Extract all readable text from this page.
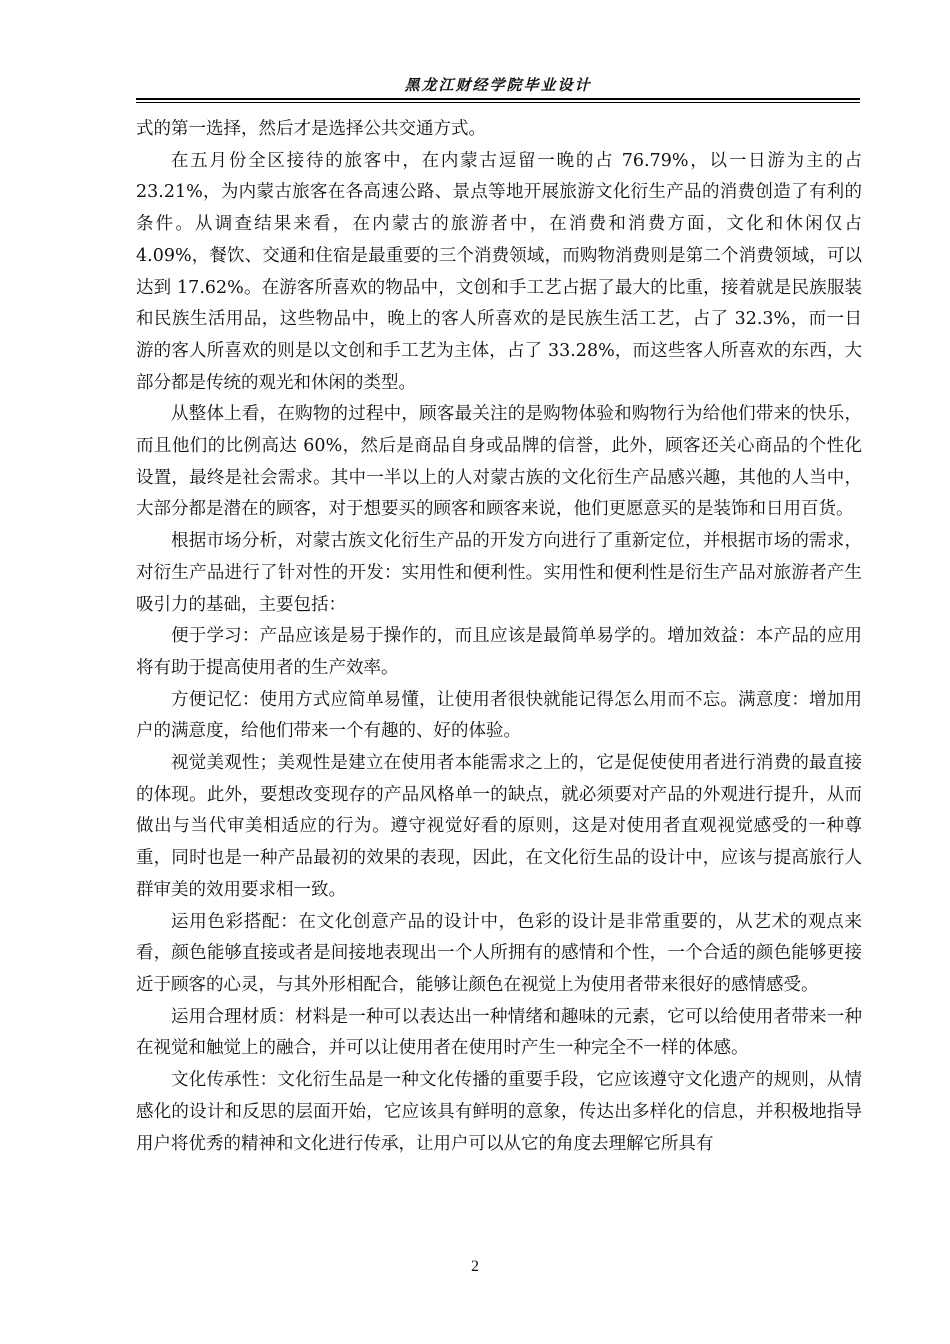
黑龙江财经学院毕业设计

式的第一选择，然后才是选择公共交通方式。

在五月份全区接待的旅客中，在内蒙古逗留一晚的占 76.79%，以一日游为主的占 23.21%，为内蒙古旅客在各高速公路、景点等地开展旅游文化衍生产品的消费创造了有利的条件。从调查结果来看，在内蒙古的旅游者中，在消费和消费方面，文化和休闲仅占 4.09%，餐饮、交通和住宿是最重要的三个消费领域，而购物消费则是第二个消费领域，可以达到 17.62%。在游客所喜欢的物品中，文创和手工艺占据了最大的比重，接着就是民族服装和民族生活用品，这些物品中，晚上的客人所喜欢的是民族生活工艺，占了 32.3%，而一日游的客人所喜欢的则是以文创和手工艺为主体，占了 33.28%，而这些客人所喜欢的东西，大部分都是传统的观光和休闲的类型。

从整体上看，在购物的过程中，顾客最关注的是购物体验和购物行为给他们带来的快乐，而且他们的比例高达 60%，然后是商品自身或品牌的信誉，此外，顾客还关心商品的个性化设置，最终是社会需求。其中一半以上的人对蒙古族的文化衍生产品感兴趣，其他的人当中，大部分都是潜在的顾客，对于想要买的顾客和顾客来说，他们更愿意买的是装饰和日用百货。

根据市场分析，对蒙古族文化衍生产品的开发方向进行了重新定位，并根据市场的需求，对衍生产品进行了针对性的开发：实用性和便利性。实用性和便利性是衍生产品对旅游者产生吸引力的基础，主要包括：

便于学习：产品应该是易于操作的，而且应该是最简单易学的。增加效益：本产品的应用将有助于提高使用者的生产效率。

方便记忆：使用方式应简单易懂，让使用者很快就能记得怎么用而不忘。满意度：增加用户的满意度，给他们带来一个有趣的、好的体验。

视觉美观性；美观性是建立在使用者本能需求之上的，它是促使使用者进行消费的最直接的体现。此外，要想改变现存的产品风格单一的缺点，就必须要对产品的外观进行提升，从而做出与当代审美相适应的行为。遵守视觉好看的原则，这是对使用者直观视觉感受的一种尊重，同时也是一种产品最初的效果的表现，因此，在文化衍生品的设计中，应该与提高旅行人群审美的效用要求相一致。

运用色彩搭配：在文化创意产品的设计中，色彩的设计是非常重要的，从艺术的观点来看，颜色能够直接或者是间接地表现出一个人所拥有的感情和个性，一个合适的颜色能够更接近于顾客的心灵，与其外形相配合，能够让颜色在视觉上为使用者带来很好的感情感受。

运用合理材质：材料是一种可以表达出一种情绪和趣味的元素，它可以给使用者带来一种在视觉和触觉上的融合，并可以让使用者在使用时产生一种完全不一样的体感。

文化传承性：文化衍生品是一种文化传播的重要手段，它应该遵守文化遗产的规则，从情感化的设计和反思的层面开始，它应该具有鲜明的意象，传达出多样化的信息，并积极地指导用户将优秀的精神和文化进行传承，让用户可以从它的角度去理解它所具有

2
